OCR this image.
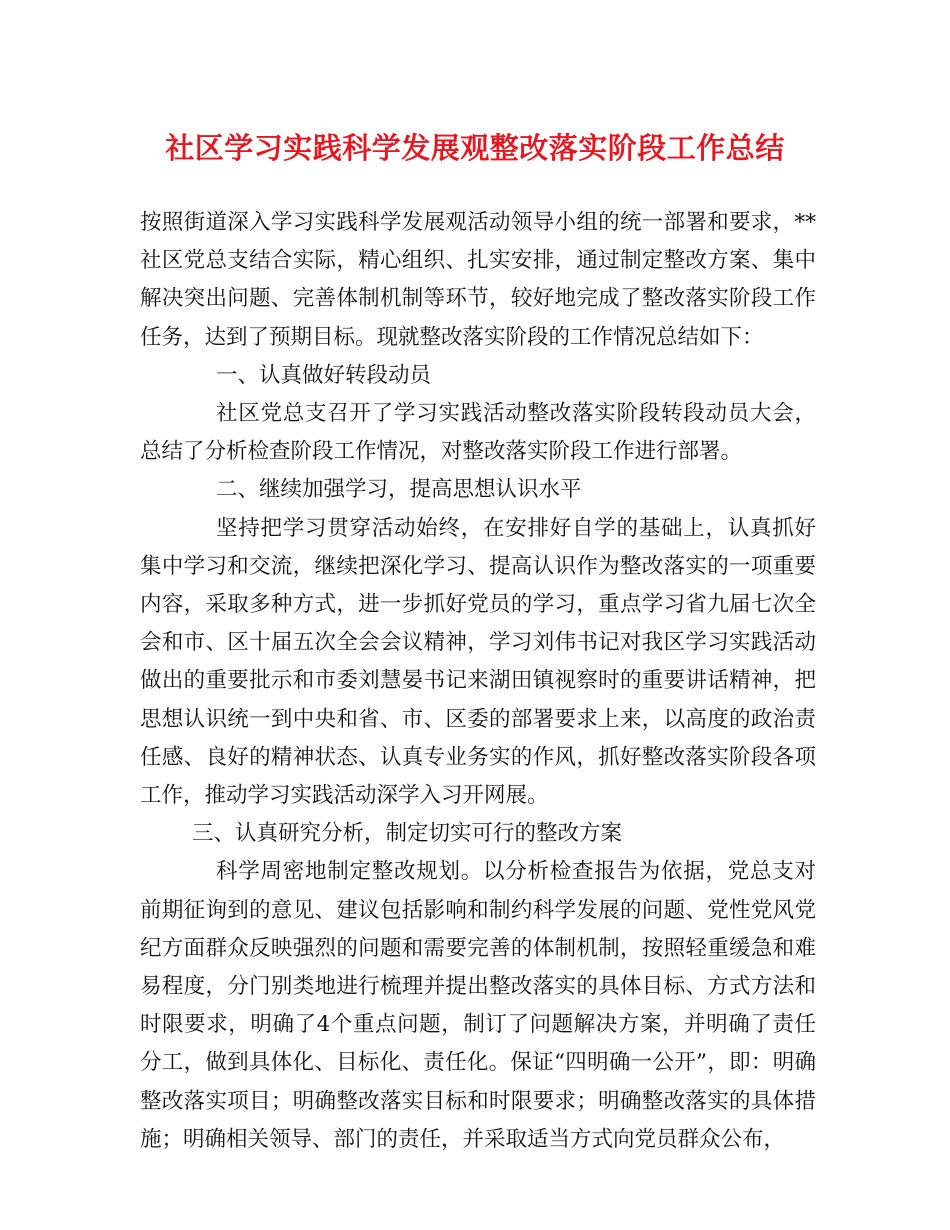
社区学习实践科学发展观整改落实阶段工作总结

按照街道深入学习实践科学发展观活动领导小组的统一部署和要求，**社区党总支结合实际，精心组织、扎实安排，通过制定整改方案、集中解决突出问题、完善体制机制等环节，较好地完成了整改落实阶段工作任务，达到了预期目标。现就整改落实阶段的工作情况总结如下：

一、认真做好转段动员

社区党总支召开了学习实践活动整改落实阶段转段动员大会，总结了分析检查阶段工作情况，对整改落实阶段工作进行部署。

二、继续加强学习，提高思想认识水平

坚持把学习贯穿活动始终，在安排好自学的基础上，认真抓好集中学习和交流，继续把深化学习、提高认识作为整改落实的一项重要内容，采取多种方式，进一步抓好党员的学习，重点学习省九届七次全会和市、区十届五次全会会议精神，学习刘伟书记对我区学习实践活动做出的重要批示和市委刘慧晏书记来湖田镇视察时的重要讲话精神，把思想认识统一到中央和省、市、区委的部署要求上来，以高度的政治责任感、良好的精神状态、认真专业务实的作风，抓好整改落实阶段各项工作，推动学习实践活动深学入习开网展。

三、认真研究分析，制定切实可行的整改方案

科学周密地制定整改规划。以分析检查报告为依据，党总支对前期征询到的意见、建议包括影响和制约科学发展的问题、党性党风党纪方面群众反映强烈的问题和需要完善的体制机制，按照轻重缓急和难易程度，分门别类地进行梳理并提出整改落实的具体目标、方式方法和时限要求，明确了4个重点问题，制订了问题解决方案，并明确了责任分工，做到具体化、目标化、责任化。保证“四明确一公开”，即：明确整改落实项目；明确整改落实目标和时限要求；明确整改落实的具体措施；明确相关领导、部门的责任，并采取适当方式向党员群众公布，
